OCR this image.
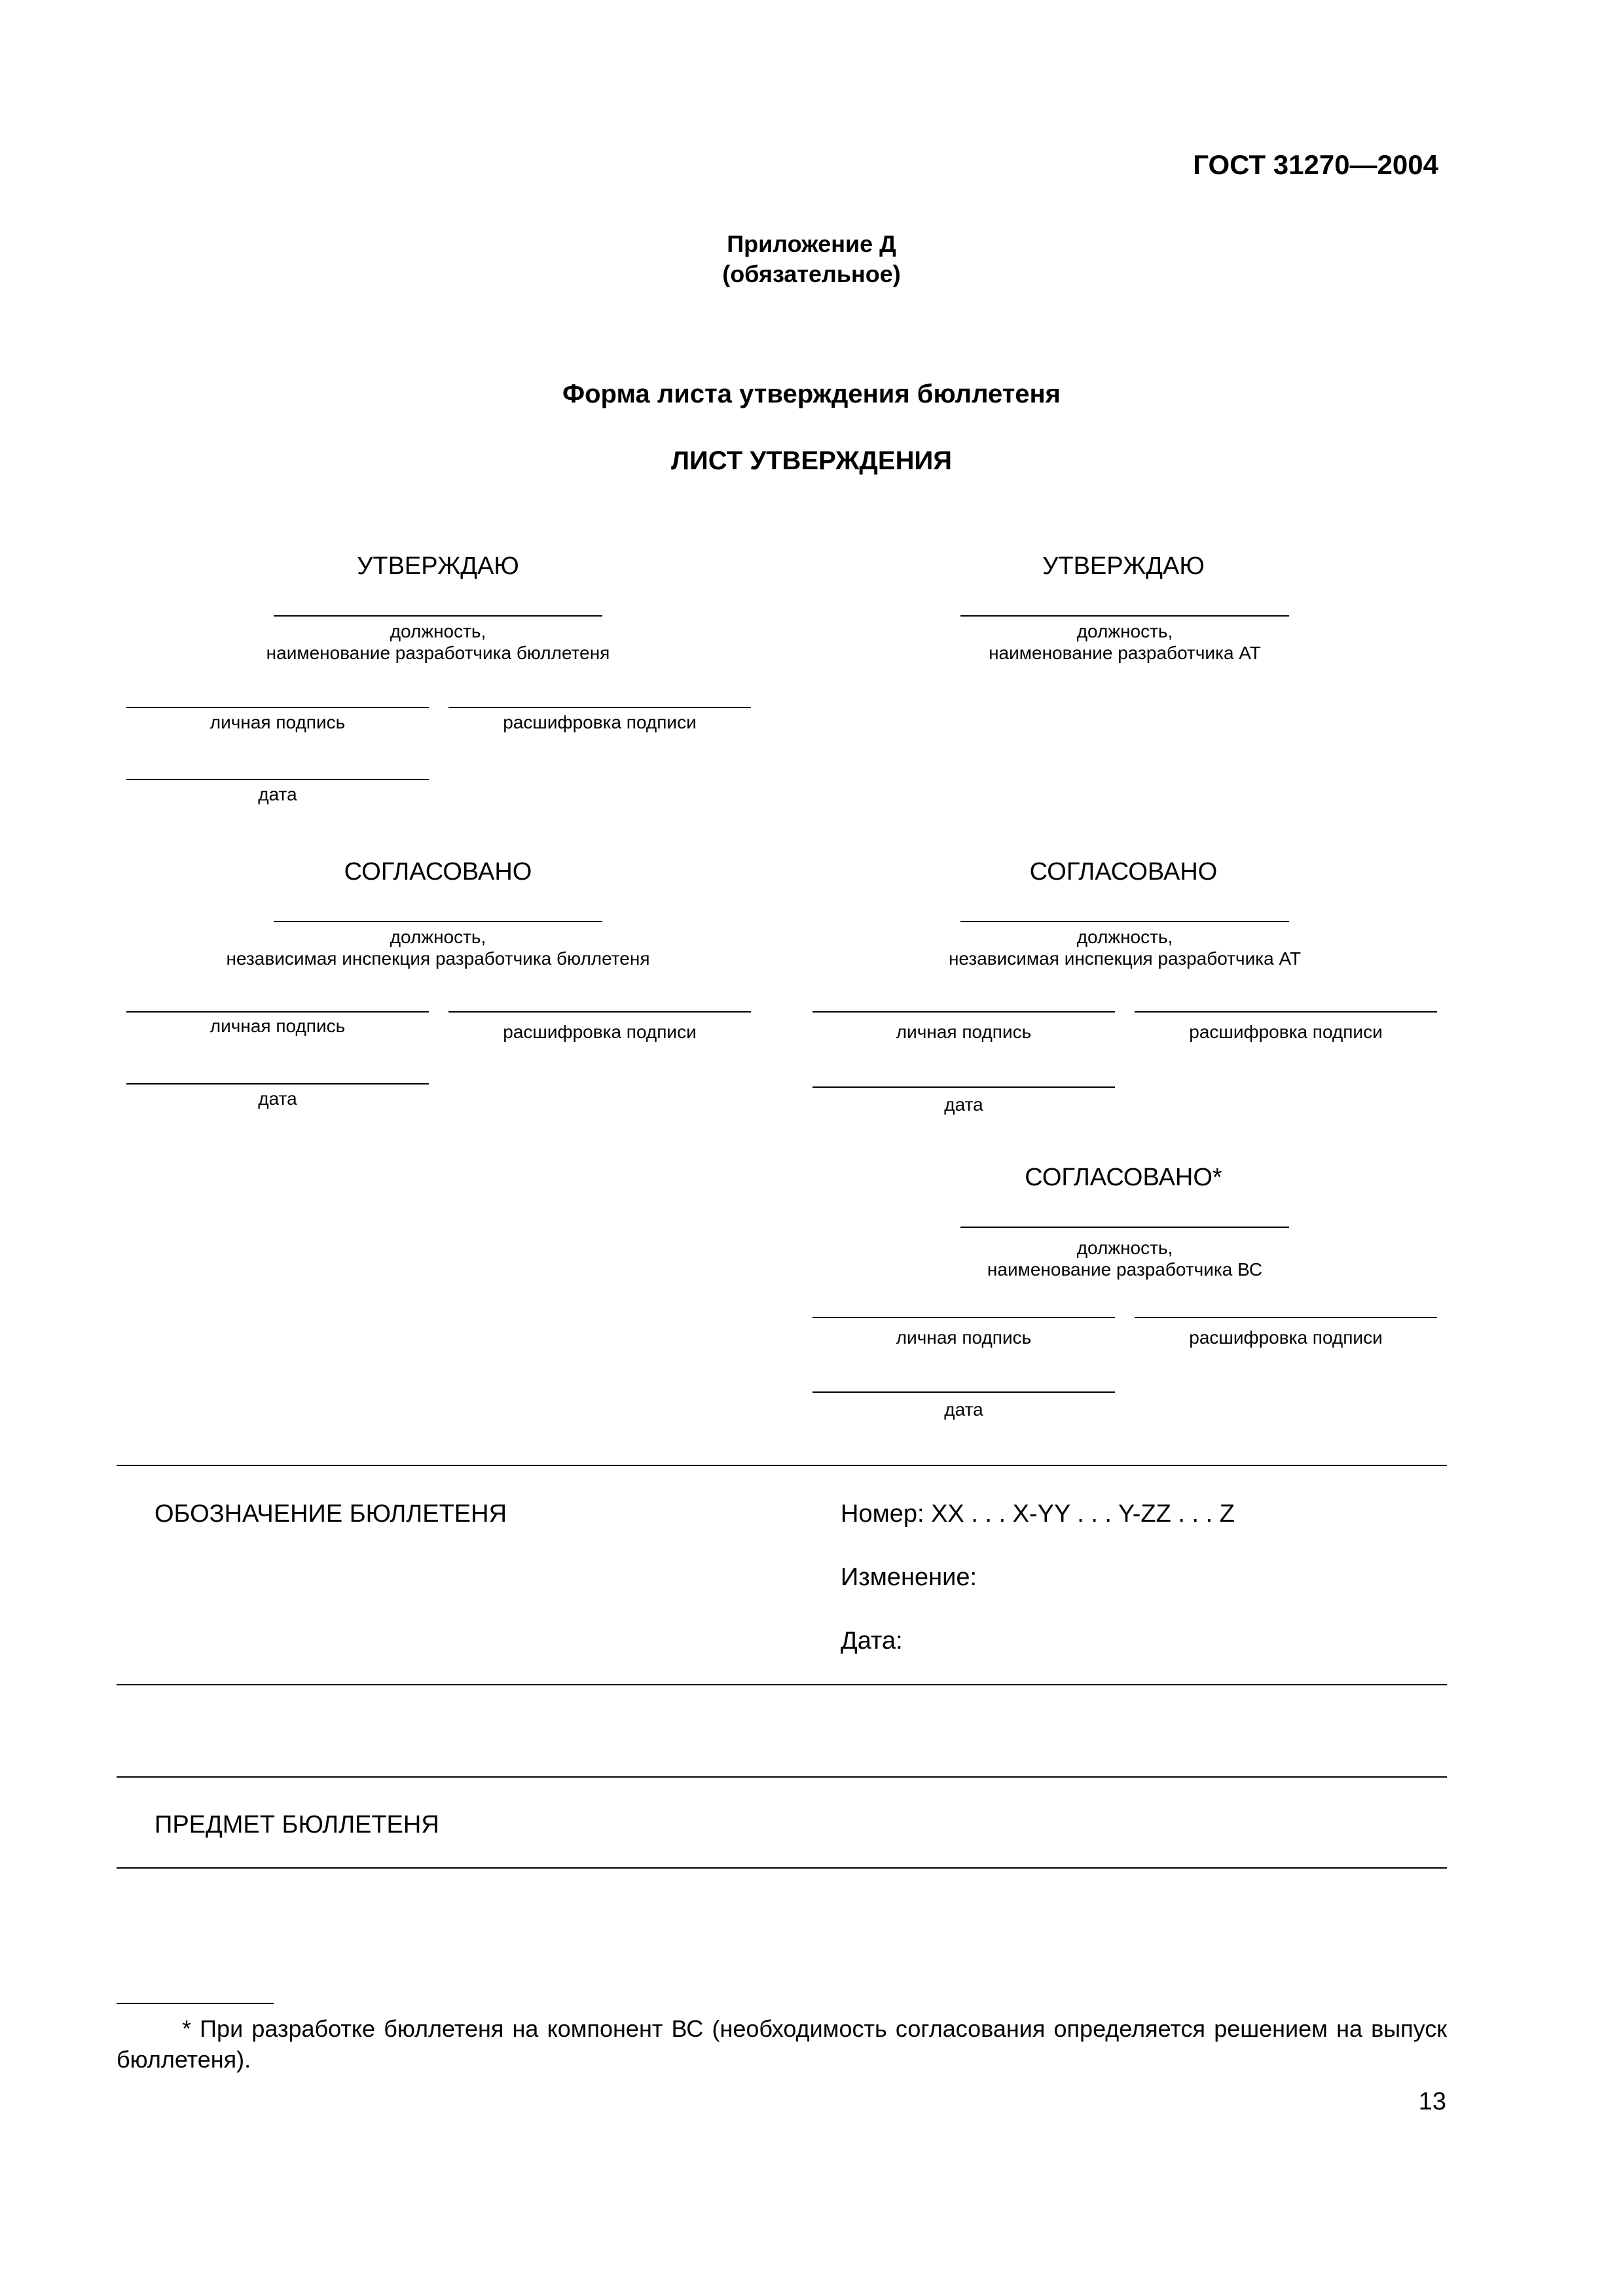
ГОСТ 31270—2004
Приложение Д
(обязательное)
Форма листа утверждения бюллетеня
ЛИСТ УТВЕРЖДЕНИЯ
УТВЕРЖДАЮ
должность,
наименование разработчика бюллетеня
личная подпись	расшифровка подписи
дата
УТВЕРЖДАЮ
должность,
наименование разработчика АТ
СОГЛАСОВАНО
должность,
независимая инспекция разработчика бюллетеня
личная подпись	расшифровка подписи
дата
СОГЛАСОВАНО
должность,
независимая инспекция разработчика АТ
личная подпись	расшифровка подписи
дата
СОГЛАСОВАНО*
должность,
наименование разработчика ВС
личная подпись	расшифровка подписи
дата
ОБОЗНАЧЕНИЕ БЮЛЛЕТЕНЯ	Номер: XX . . . X-YY . . . Y-ZZ . . . Z
Изменение:
Дата:
ПРЕДМЕТ БЮЛЛЕТЕНЯ
* При разработке бюллетеня на компонент ВС (необходимость согласования определяется решением на выпуск бюллетеня).
13
